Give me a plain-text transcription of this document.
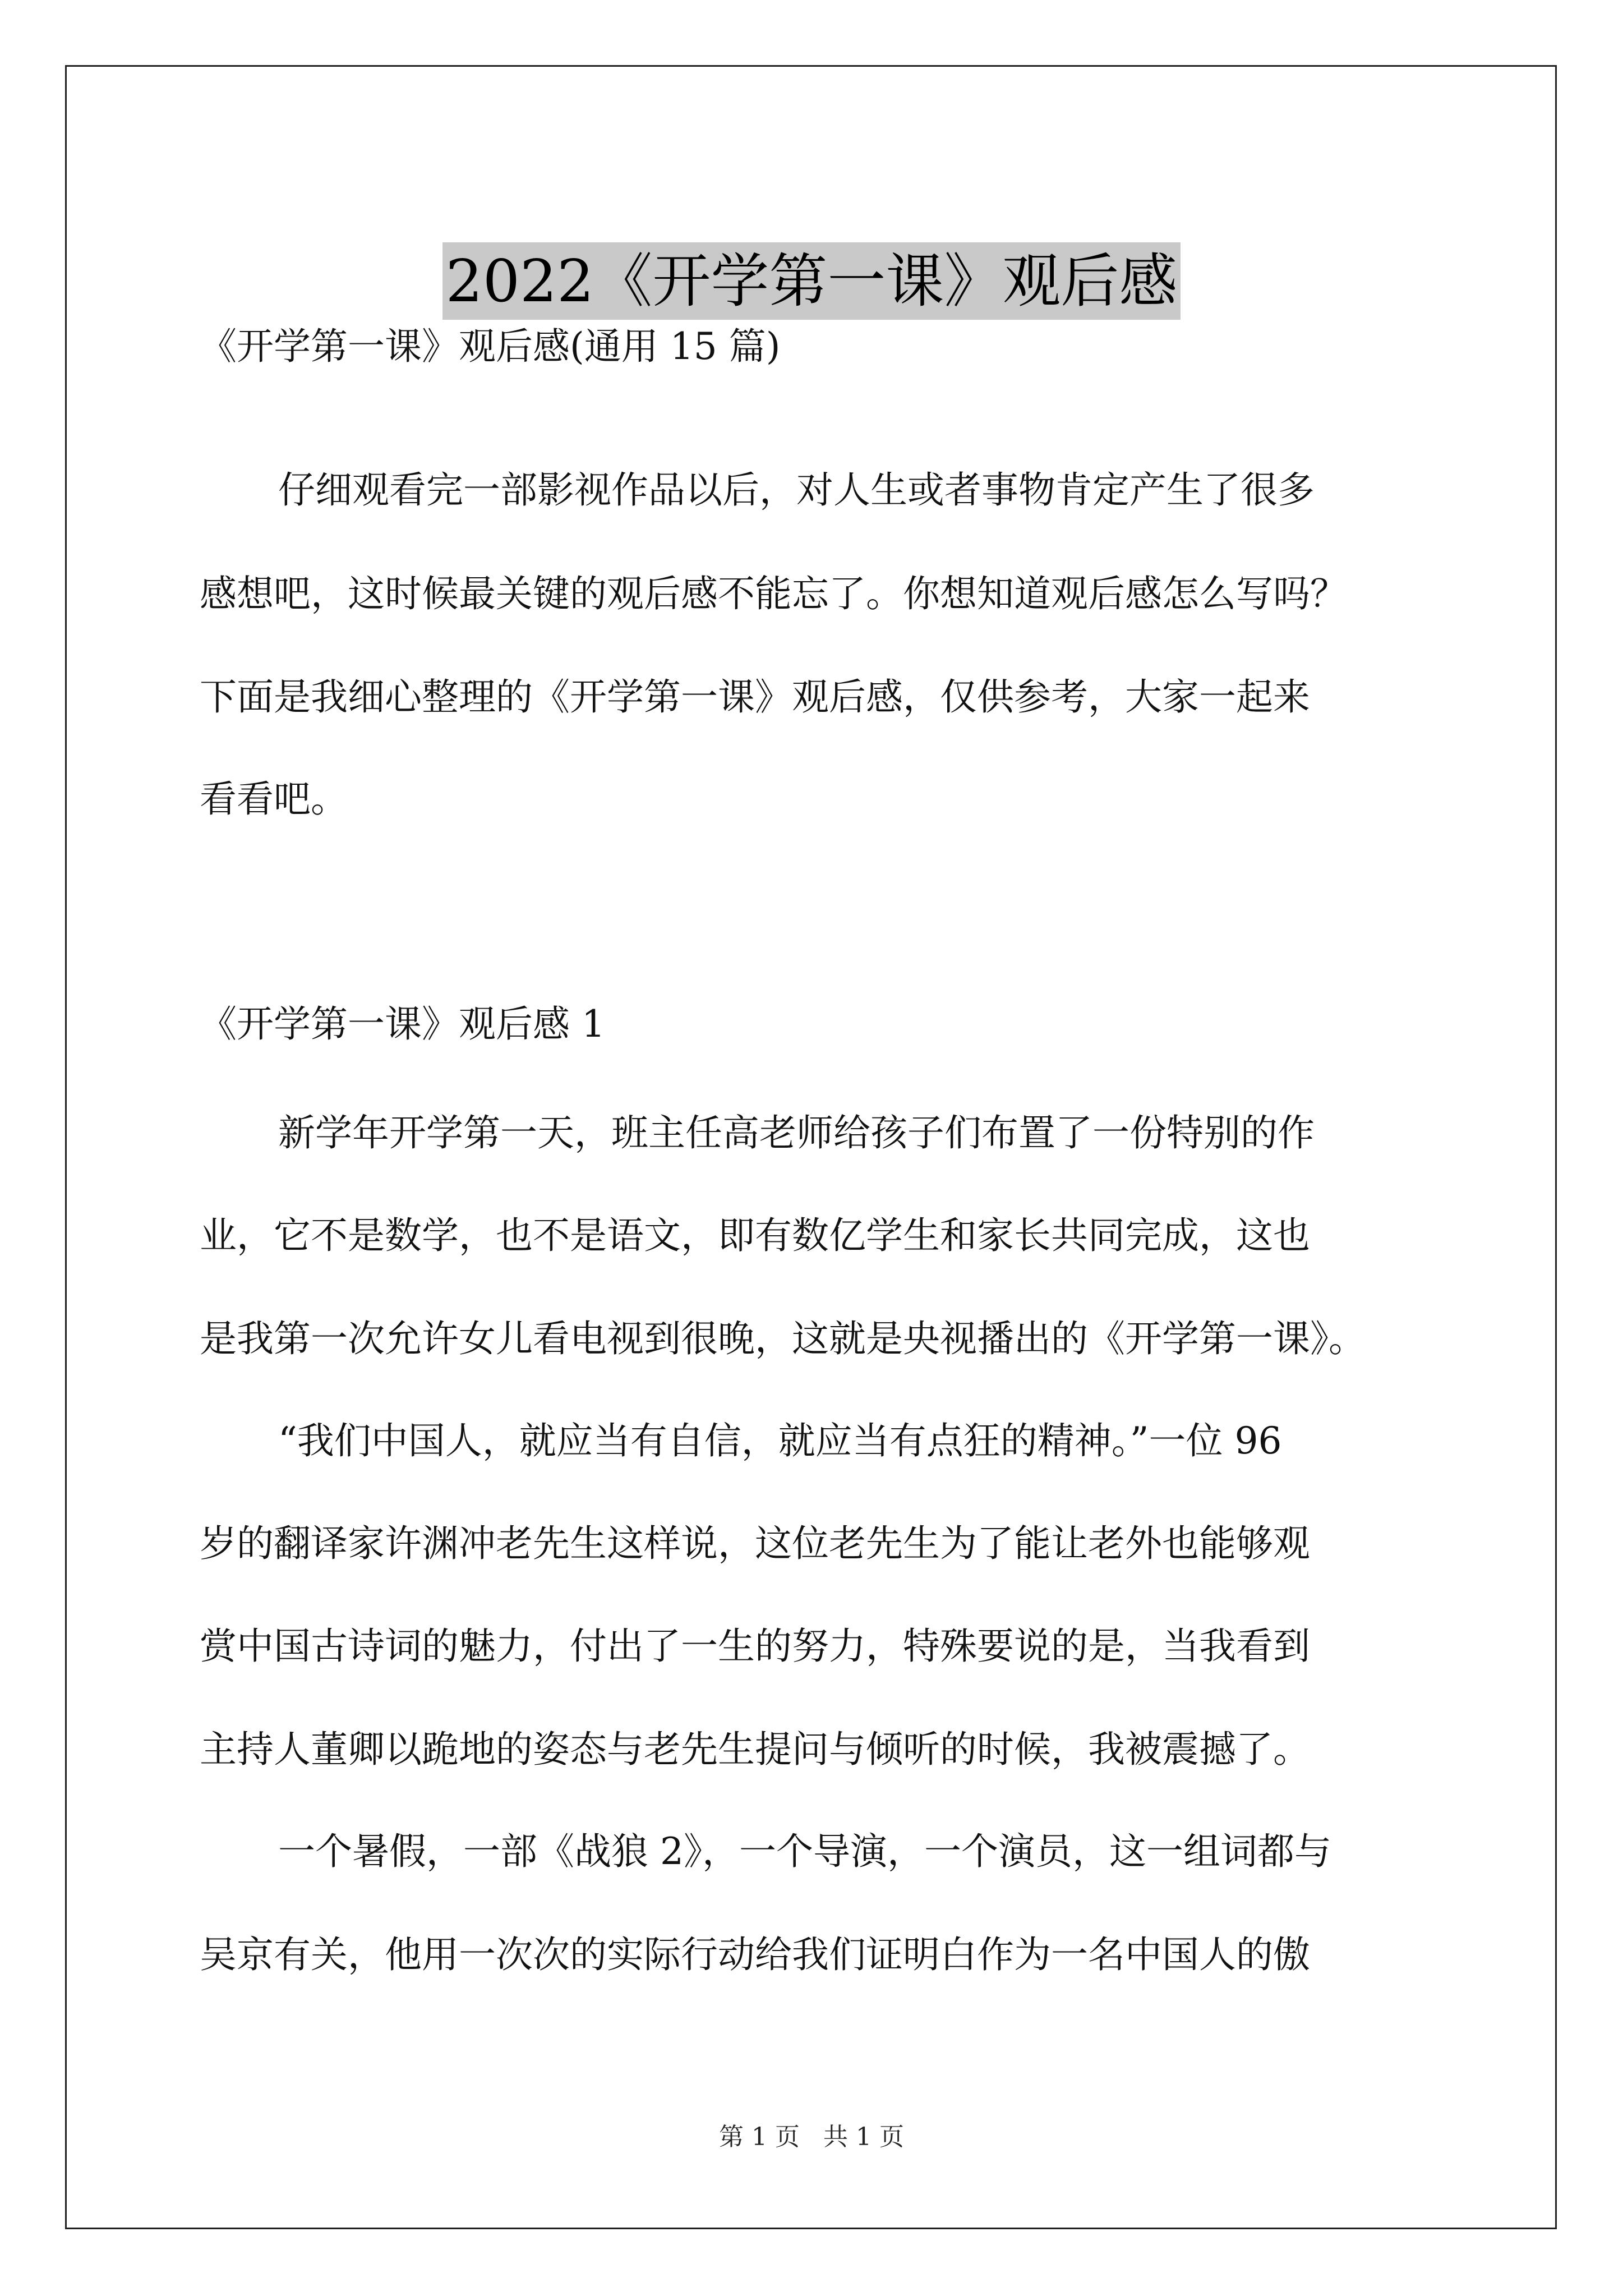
2022《开学第一课》观后感
《开学第一课》观后感(通用 15 篇)
仔细观看完一部影视作品以后，对人生或者事物肯定产生了很多
感想吧，这时候最关键的观后感不能忘了。你想知道观后感怎么写吗？
下面是我细心整理的《开学第一课》观后感，仅供参考，大家一起来
看看吧。
《开学第一课》观后感 1
新学年开学第一天，班主任高老师给孩子们布置了一份特别的作
业，它不是数学，也不是语文，即有数亿学生和家长共同完成，这也
是我第一次允许女儿看电视到很晚，这就是央视播出的《开学第一课》。
“我们中国人，就应当有自信，就应当有点狂的精神。”一位 96
岁的翻译家许渊冲老先生这样说，这位老先生为了能让老外也能够观
赏中国古诗词的魅力，付出了一生的努力，特殊要说的是，当我看到
主持人董卿以跪地的姿态与老先生提问与倾听的时候，我被震撼了。
一个暑假，一部《战狼 2》，一个导演，一个演员，这一组词都与
吴京有关，他用一次次的实际行动给我们证明白作为一名中国人的傲
第 1 页 共 1 页
